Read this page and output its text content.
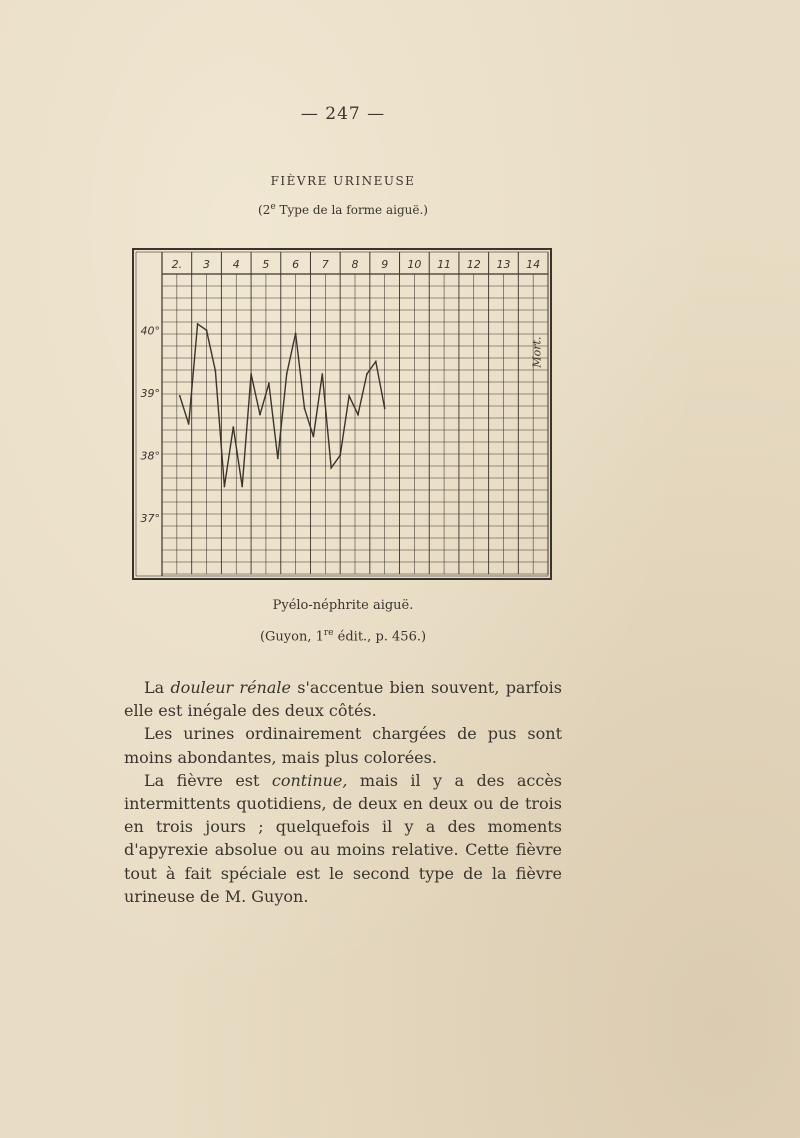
— 247 —
FIÈVRE URINEUSE
(2e Type de la forme aiguë.)
2. 3 4 5 6 7 8 9 10 11 12 13 14
40°
39°
38°
37°
Mort.
Pyélo-néphrite aiguë.
(Guyon, 1re édit., p. 456.)

La douleur rénale s'accentue bien souvent, parfois elle est inégale des deux côtés.

Les urines ordinairement chargées de pus sont moins abondantes, mais plus colorées.

La fièvre est continue, mais il y a des accès intermittents quotidiens, de deux en deux ou de trois en trois jours ; quelquefois il y a des moments d'apyrexie absolue ou au moins relative. Cette fièvre tout à fait spéciale est le second type de la fièvre urineuse de M. Guyon.
